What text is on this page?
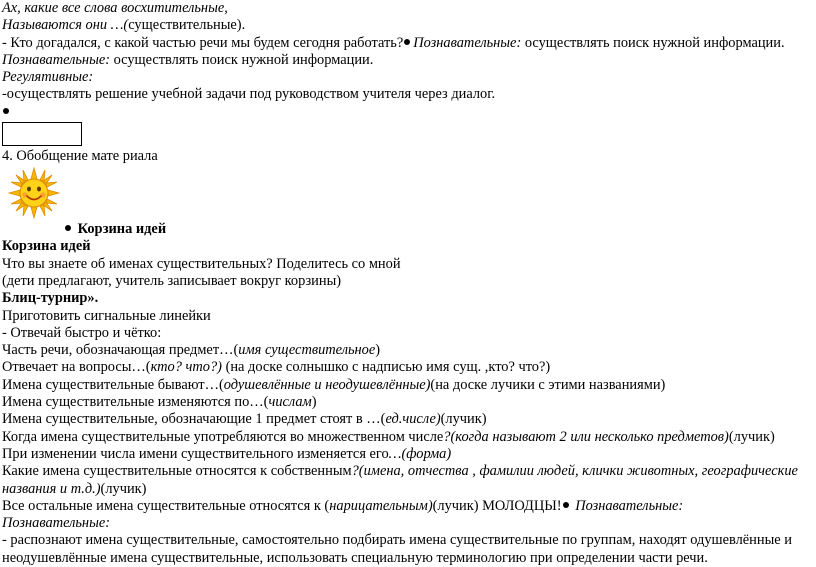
Ах, какие все слова восхитительные,
Называются они …(существительные).
- Кто догадался, с какой частью речи мы будем сегодня работать? Познавательные: осуществлять поиск нужной информации.
Познавательные: осуществлять поиск нужной информации.
Регулятивные:
-осуществлять решение учебной задачи под руководством учителя через диалог.
4. Обобщение мате риала
Корзина идей
Корзина идей
Что вы знаете об именах существительных? Поделитесь со мной
(дети предлагают, учитель записывает вокруг корзины)
Блиц-турнир».
Приготовить сигнальные линейки
- Отвечай быстро и чётко:
Часть речи, обозначающая предмет…(имя существительное)
Отвечает на вопросы…(кто? что?) (на доске солнышко с надписью имя сущ. ,кто? что?)
Имена существительные бывают…(одушевлённые и неодушевлённые)(на доске лучики с этими названиями)
Имена существительные изменяются по…(числам)
Имена существительные, обозначающие 1 предмет стоят в …(ед.числе)(лучик)
Когда имена существительные употребляются во множественном числе?(когда называют 2 или несколько предметов)(лучик)
При изменении числа имени существительного изменяется его…(форма)
Какие имена существительные относятся к собственным?(имена, отчества , фамилии людей, клички животных, географические названия и т.д.)(лучик)
Все остальные имена существительные относятся к (нарицательным)(лучик) МОЛОДЦЫ! Познавательные:
Познавательные:
- распознают имена существительные, самостоятельно подбирать имена существительные по группам, находят одушевлённые и неодушевлённые имена существительные, использовать специальную терминологию при определении части речи.
